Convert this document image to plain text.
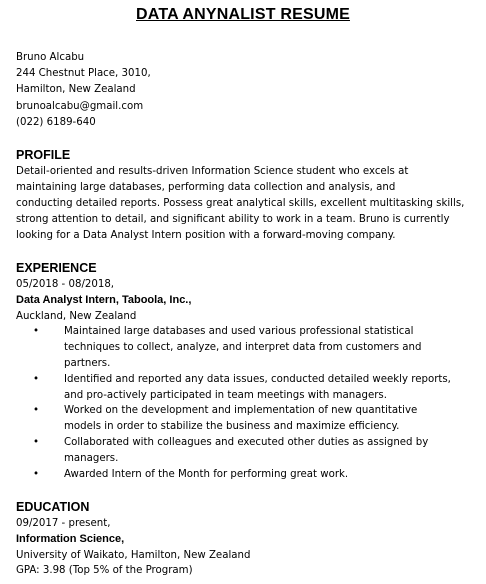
DATA ANYNALIST RESUME
Bruno Alcabu
244 Chestnut Place, 3010,
Hamilton, New Zealand
brunoalcabu@gmail.com
(022) 6189-640
PROFILE
Detail-oriented and results-driven Information Science student who excels at
maintaining large databases, performing data collection and analysis, and
conducting detailed reports. Possess great analytical skills, excellent multitasking skills,
strong attention to detail, and significant ability to work in a team. Bruno is currently
looking for a Data Analyst Intern position with a forward-moving company.
EXPERIENCE
05/2018 - 08/2018,
Data Analyst Intern, Taboola, Inc.,
Auckland, New Zealand
• Maintained large databases and used various professional statistical
techniques to collect, analyze, and interpret data from customers and
partners.
• Identified and reported any data issues, conducted detailed weekly reports,
and pro-actively participated in team meetings with managers.
• Worked on the development and implementation of new quantitative
models in order to stabilize the business and maximize efficiency.
• Collaborated with colleagues and executed other duties as assigned by
managers.
• Awarded Intern of the Month for performing great work.
EDUCATION
09/2017 - present,
Information Science,
University of Waikato, Hamilton, New Zealand
GPA: 3.98 (Top 5% of the Program)
